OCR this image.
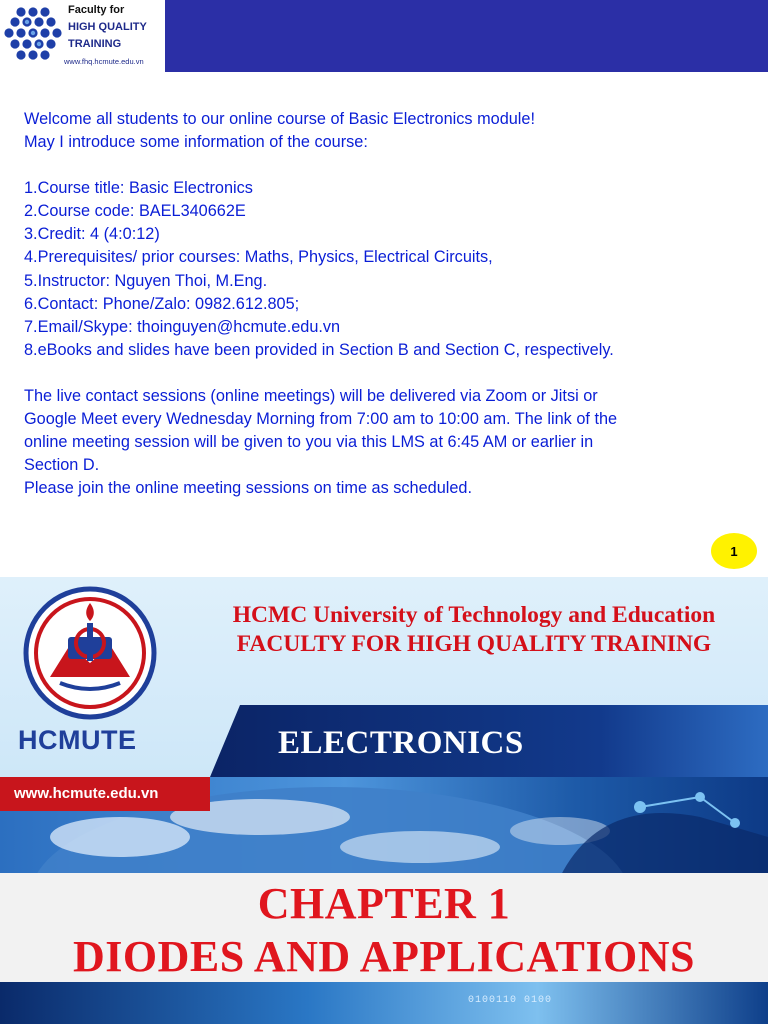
Faculty for
HIGH QUALITY
TRAINING
www.fhq.hcmute.edu.vn

Welcome all students to our online course of Basic Electronics module!

May I introduce some information of the course:

1.Course title: Basic Electronics

2.Course code: BAEL340662E

3.Credit: 4 (4:0:12)

4.Prerequisites/ prior courses: Maths, Physics, Electrical Circuits,

5.Instructor: Nguyen Thoi, M.Eng.

6.Contact: Phone/Zalo: 0982.612.805;

7.Email/Skype: thoinguyen@hcmute.edu.vn

8.eBooks and slides have been provided in Section B and Section C, respectively.

The live contact sessions (online meetings) will be delivered via Zoom or Jitsi or

Google Meet every Wednesday Morning from 7:00 am to 10:00 am. The link of the

online meeting session will be given to you via this LMS at 6:45 AM or earlier in

Section D.

Please join the online meeting sessions on time as scheduled.

1
HCMUTE
HCMC University of Technology and Education
FACULTY FOR HIGH QUALITY TRAINING
ELECTRONICS
www.hcmute.edu.vn
CHAPTER 1
DIODES AND APPLICATIONS
0100110 0100
